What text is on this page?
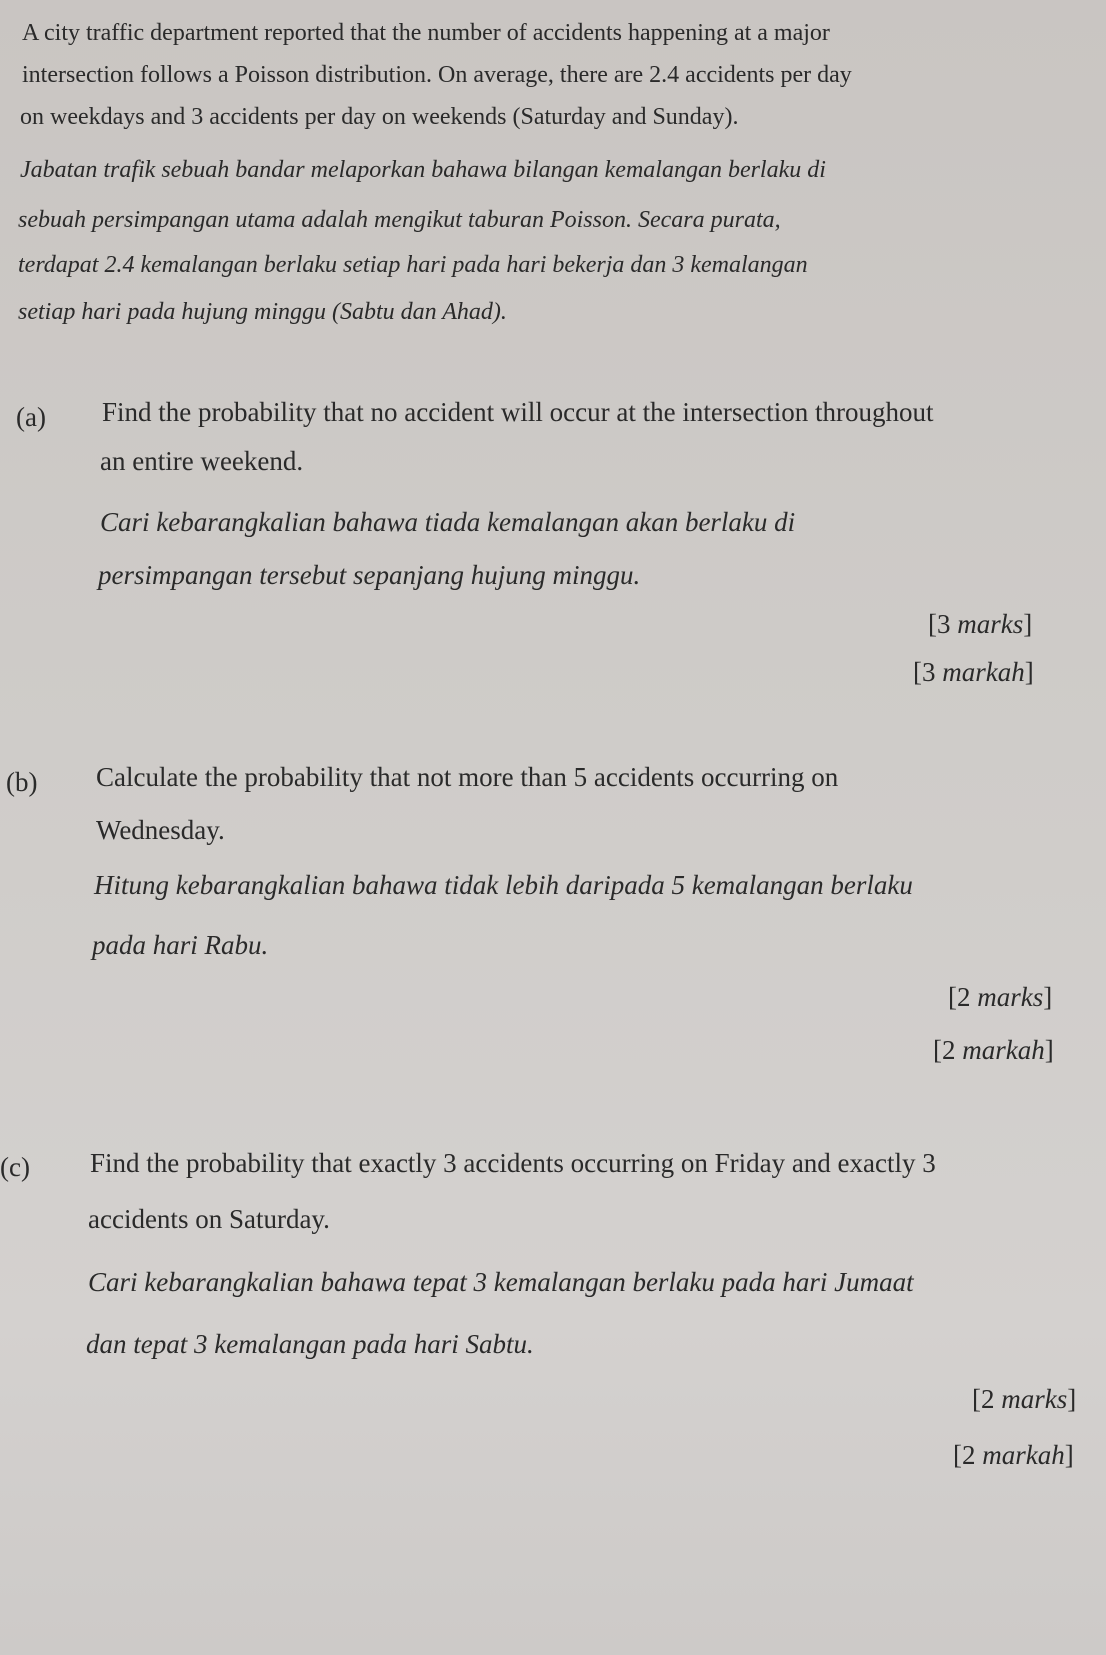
A city traffic department reported that the number of accidents happening at a major
intersection follows a Poisson distribution. On average, there are 2.4 accidents per day
on weekdays and 3 accidents per day on weekends (Saturday and Sunday).
Jabatan trafik sebuah bandar melaporkan bahawa bilangan kemalangan berlaku di
sebuah persimpangan utama adalah mengikut taburan Poisson. Secara purata,
terdapat 2.4 kemalangan berlaku setiap hari pada hari bekerja dan 3 kemalangan
setiap hari pada hujung minggu (Sabtu dan Ahad).
(a) Find the probability that no accident will occur at the intersection throughout
an entire weekend.
Cari kebarangkalian bahawa tiada kemalangan akan berlaku di
persimpangan tersebut sepanjang hujung minggu.
[3 marks]
[3 markah]
(b) Calculate the probability that not more than 5 accidents occurring on
Wednesday.
Hitung kebarangkalian bahawa tidak lebih daripada 5 kemalangan berlaku
pada hari Rabu.
[2 marks]
[2 markah]
(c) Find the probability that exactly 3 accidents occurring on Friday and exactly 3
accidents on Saturday.
Cari kebarangkalian bahawa tepat 3 kemalangan berlaku pada hari Jumaat
dan tepat 3 kemalangan pada hari Sabtu.
[2 marks]
[2 markah]
